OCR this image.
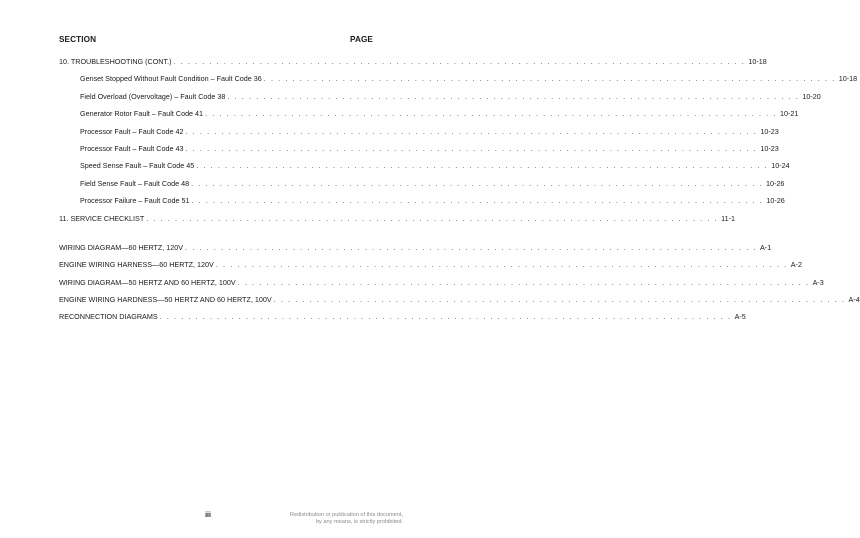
SECTION	PAGE
10. TROUBLESHOOTING (CONT.) . . . . . . . . . . . . . . . . . . . . . . . . . . . . . . . . . . . . . . . . . . . . . . . . . . . . . . . . . . . . . . . . . . . . . . . . . . . . . . . . 10-18
Genset Stopped Without Fault Condition – Fault Code 36 . . . . . . . . . . . . . . . . . . . . . . . . . . . . . . . . . . . . . . . . . . . . . . . . . . . . . . . . . . . . . . . . . . . . . . . . . . . . . . . . 10-18
Field Overload (Overvoltage) – Fault Code 38 . . . . . . . . . . . . . . . . . . . . . . . . . . . . . . . . . . . . . . . . . . . . . . . . . . . . . . . . . . . . . . . . . . . . . . . . . . . . . . . . 10-20
Generator Rotor Fault – Fault Code 41 . . . . . . . . . . . . . . . . . . . . . . . . . . . . . . . . . . . . . . . . . . . . . . . . . . . . . . . . . . . . . . . . . . . . . . . . . . . . . . . . 10-21
Processor Fault – Fault Code 42 . . . . . . . . . . . . . . . . . . . . . . . . . . . . . . . . . . . . . . . . . . . . . . . . . . . . . . . . . . . . . . . . . . . . . . . . . . . . . . . . 10-23
Processor Fault – Fault Code 43 . . . . . . . . . . . . . . . . . . . . . . . . . . . . . . . . . . . . . . . . . . . . . . . . . . . . . . . . . . . . . . . . . . . . . . . . . . . . . . . . 10-23
Speed Sense Fault – Fault Code 45 . . . . . . . . . . . . . . . . . . . . . . . . . . . . . . . . . . . . . . . . . . . . . . . . . . . . . . . . . . . . . . . . . . . . . . . . . . . . . . . . 10-24
Field Sense Fault – Fault Code 48 . . . . . . . . . . . . . . . . . . . . . . . . . . . . . . . . . . . . . . . . . . . . . . . . . . . . . . . . . . . . . . . . . . . . . . . . . . . . . . . . 10-26
Processor Failure – Fault Code 51 . . . . . . . . . . . . . . . . . . . . . . . . . . . . . . . . . . . . . . . . . . . . . . . . . . . . . . . . . . . . . . . . . . . . . . . . . . . . . . . . 10-26
11. SERVICE CHECKLIST . . . . . . . . . . . . . . . . . . . . . . . . . . . . . . . . . . . . . . . . . . . . . . . . . . . . . . . . . . . . . . . . . . . . . . . . . . . . . . . . 11-1
WIRING DIAGRAM—60 HERTZ, 120V . . . . . . . . . . . . . . . . . . . . . . . . . . . . . . . . . . . . . . . . . . . . . . . . . . . . . . . . . . . . . . . . . . . . . . . . . . . . . . . . A-1
ENGINE WIRING HARNESS—60 HERTZ, 120V . . . . . . . . . . . . . . . . . . . . . . . . . . . . . . . . . . . . . . . . . . . . . . . . . . . . . . . . . . . . . . . . . . . . . . . . . . . . . . . . A-2
WIRING DIAGRAM—50 HERTZ AND 60 HERTZ, 100V . . . . . . . . . . . . . . . . . . . . . . . . . . . . . . . . . . . . . . . . . . . . . . . . . . . . . . . . . . . . . . . . . . . . . . . . . . . . . . . . A-3
ENGINE WIRING HARDNESS—50 HERTZ AND 60 HERTZ, 100V . . . . . . . . . . . . . . . . . . . . . . . . . . . . . . . . . . . . . . . . . . . . . . . . . . . . . . . . . . . . . . . . . . . . . . . . . . . . . . . . A-4
RECONNECTION DIAGRAMS . . . . . . . . . . . . . . . . . . . . . . . . . . . . . . . . . . . . . . . . . . . . . . . . . . . . . . . . . . . . . . . . . . . . . . . . . . . . . . . . A-5
iii	Redistribution or publication of this document,
by any means, is strictly prohibited.
